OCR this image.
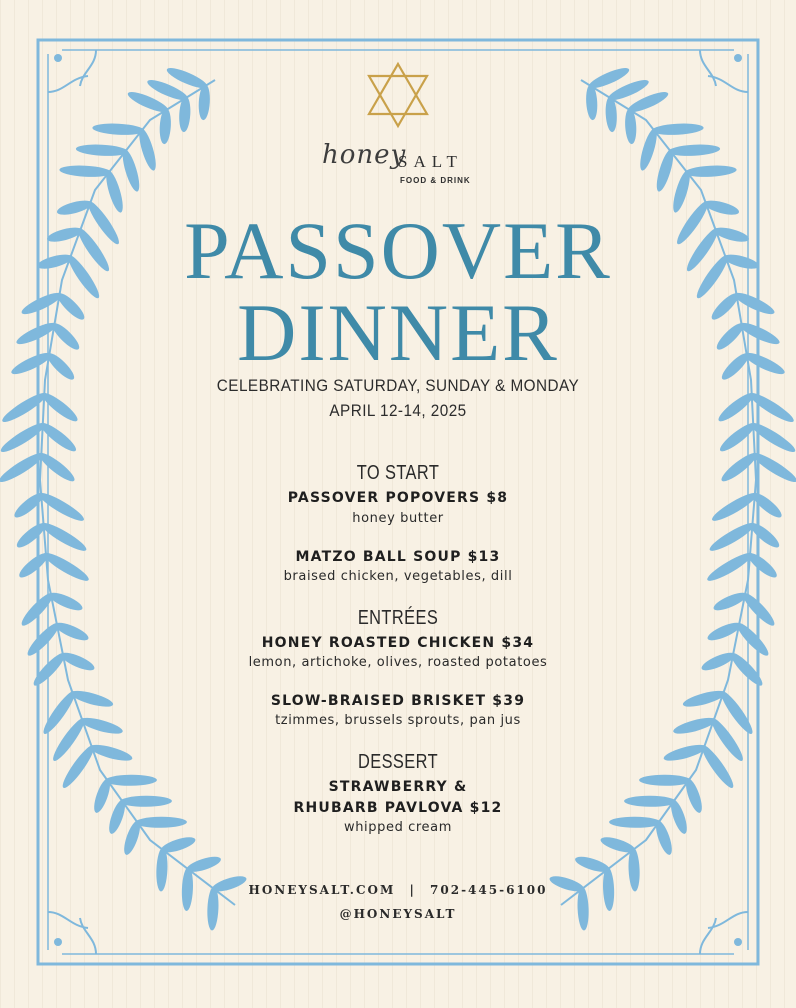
honey
SALT
FOOD & DRINK
PASSOVER
DINNER
CELEBRATING SATURDAY, SUNDAY & MONDAY
APRIL 12-14, 2025
TO START
PASSOVER POPOVERS $8
honey butter
MATZO BALL SOUP $13
braised chicken, vegetables, dill
ENTRÉES
HONEY ROASTED CHICKEN $34
lemon, artichoke, olives, roasted potatoes
SLOW-BRAISED BRISKET $39
tzimmes, brussels sprouts, pan jus
DESSERT
STRAWBERRY &
RHUBARB PAVLOVA $12
whipped cream
HONEYSALT.COM | 702-445-6100
@HONEYSALT
